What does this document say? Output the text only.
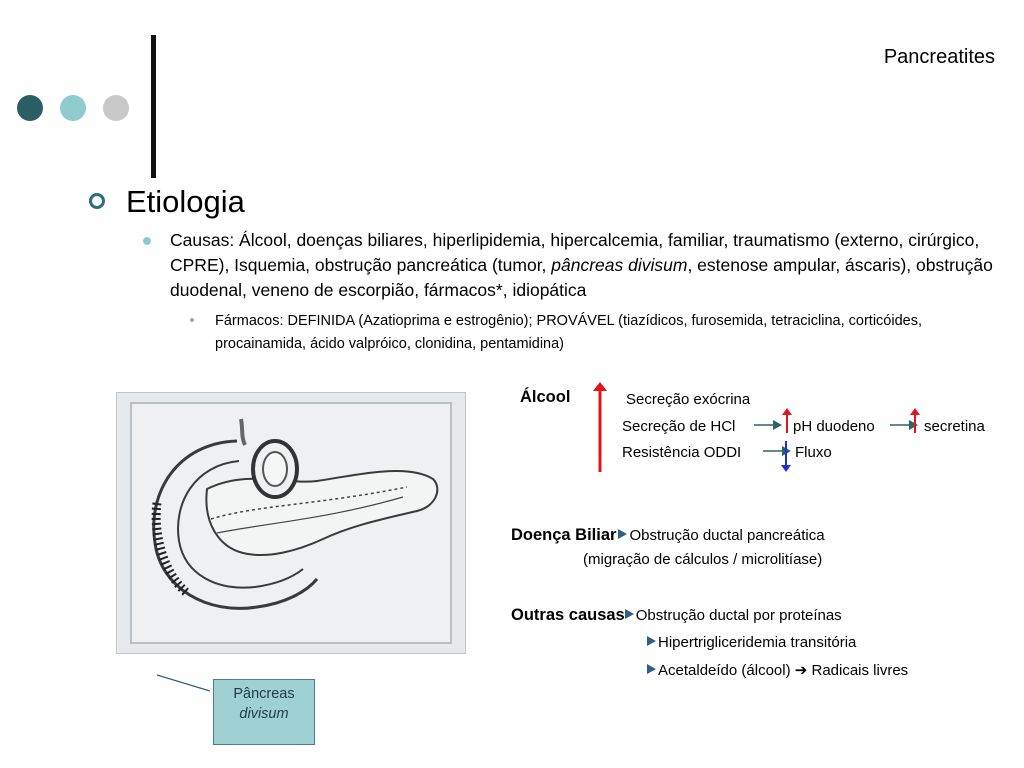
Pancreatites
Etiologia
Causas: Álcool, doenças biliares, hiperlipidemia, hipercalcemia, familiar, traumatismo (externo, cirúrgico, CPRE), Isquemia, obstrução pancreática (tumor, pâncreas divisum, estenose ampular, áscaris), obstrução duodenal, veneno de escorpião, fármacos*, idiopática
Fármacos: DEFINIDA (Azatioprima e estrogênio); PROVÁVEL (tiazídicos, furosemida, tetraciclina, corticóides, procainamida, ácido valpróico, clonidina, pentamidina)
Pâncreas
divisum
Álcool	Secreção exócrina
Secreção de HCl	pH duodeno	secretina
Resistência ODDI	Fluxo
Doença Biliar Obstrução ductal pancreática
(migração de cálculos / microlitíase)
Outras causas Obstrução ductal por proteínas
Hipertrigliceridemia transitória
Acetaldeído (álcool) ➔ Radicais livres
